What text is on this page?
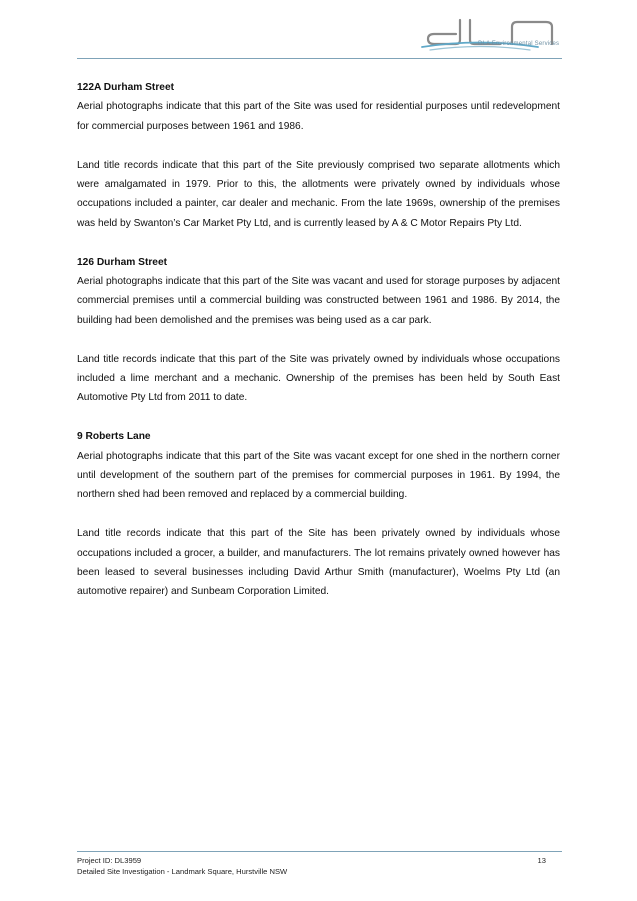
DLA Environmental Services

122A Durham Street

Aerial photographs indicate that this part of the Site was used for residential purposes until redevelopment for commercial purposes between 1961 and 1986.

Land title records indicate that this part of the Site previously comprised two separate allotments which were amalgamated in 1979. Prior to this, the allotments were privately owned by individuals whose occupations included a painter, car dealer and mechanic. From the late 1969s, ownership of the premises was held by Swanton’s Car Market Pty Ltd, and is currently leased by A & C Motor Repairs Pty Ltd.

126 Durham Street

Aerial photographs indicate that this part of the Site was vacant and used for storage purposes by adjacent commercial premises until a commercial building was constructed between 1961 and 1986. By 2014, the building had been demolished and the premises was being used as a car park.

Land title records indicate that this part of the Site was privately owned by individuals whose occupations included a lime merchant and a mechanic. Ownership of the premises has been held by South East Automotive Pty Ltd from 2011 to date.

9 Roberts Lane

Aerial photographs indicate that this part of the Site was vacant except for one shed in the northern corner until development of the southern part of the premises for commercial purposes in 1961. By 1994, the northern shed had been removed and replaced by a commercial building.

Land title records indicate that this part of the Site has been privately owned by individuals whose occupations included a grocer, a builder, and manufacturers. The lot remains privately owned however has been leased to several businesses including David Arthur Smith (manufacturer), Woelms Pty Ltd (an automotive repairer) and Sunbeam Corporation Limited.

Project ID: DL3959
Detailed Site Investigation - Landmark Square, Hurstville NSW
13
